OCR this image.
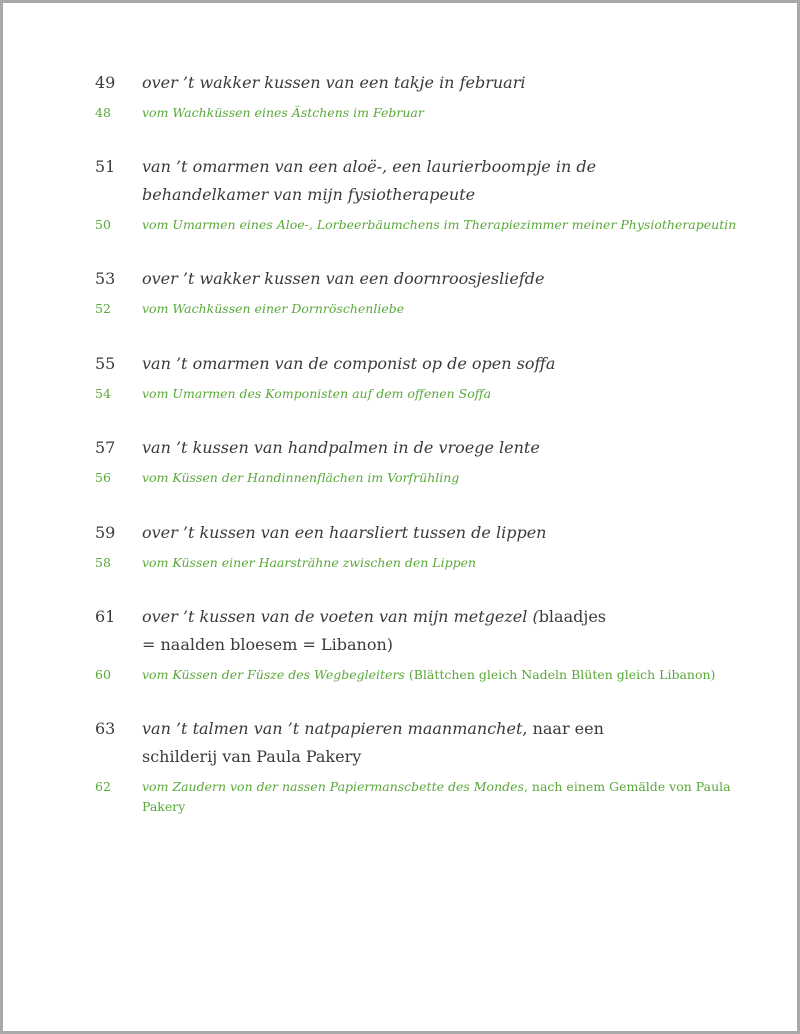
49	over ’t wakker kussen van een takje in februari
48	vom Wachküssen eines Ästchens im Februar
51	van ’t omarmen van een aloë-, een laurierboompje in de behandelkamer van mijn fysiotherapeute
50	vom Umarmen eines Aloe-, Lorbeerbäumchens im Therapiezimmer meiner Physiotherapeutin
53	over ’t wakker kussen van een doornroosjesliefde
52	vom Wachküssen einer Dornröschenliebe
55	van ’t omarmen van de componist op de open soffa
54	vom Umarmen des Komponisten auf dem offenen Soffa
57	van ’t kussen van handpalmen in de vroege lente
56	vom Küssen der Handinnenflächen im Vorfrühling
59	over ’t kussen van een haarsliert tussen de lippen
58	vom Küssen einer Haarsträhne zwischen den Lippen
61	over ’t kussen van de voeten van mijn metgezel (blaadjes = naalden bloesem = Libanon)
60	vom Küssen der Füsze des Wegbegleiters (Blättchen gleich Nadeln Blüten gleich Libanon)
63	van ’t talmen van ’t natpapieren maanmanchet, naar een schilderij van Paula Pakery
62	vom Zaudern von der nassen Papiermanscbette des Mondes, nach einem Gemälde von Paula Pakery
